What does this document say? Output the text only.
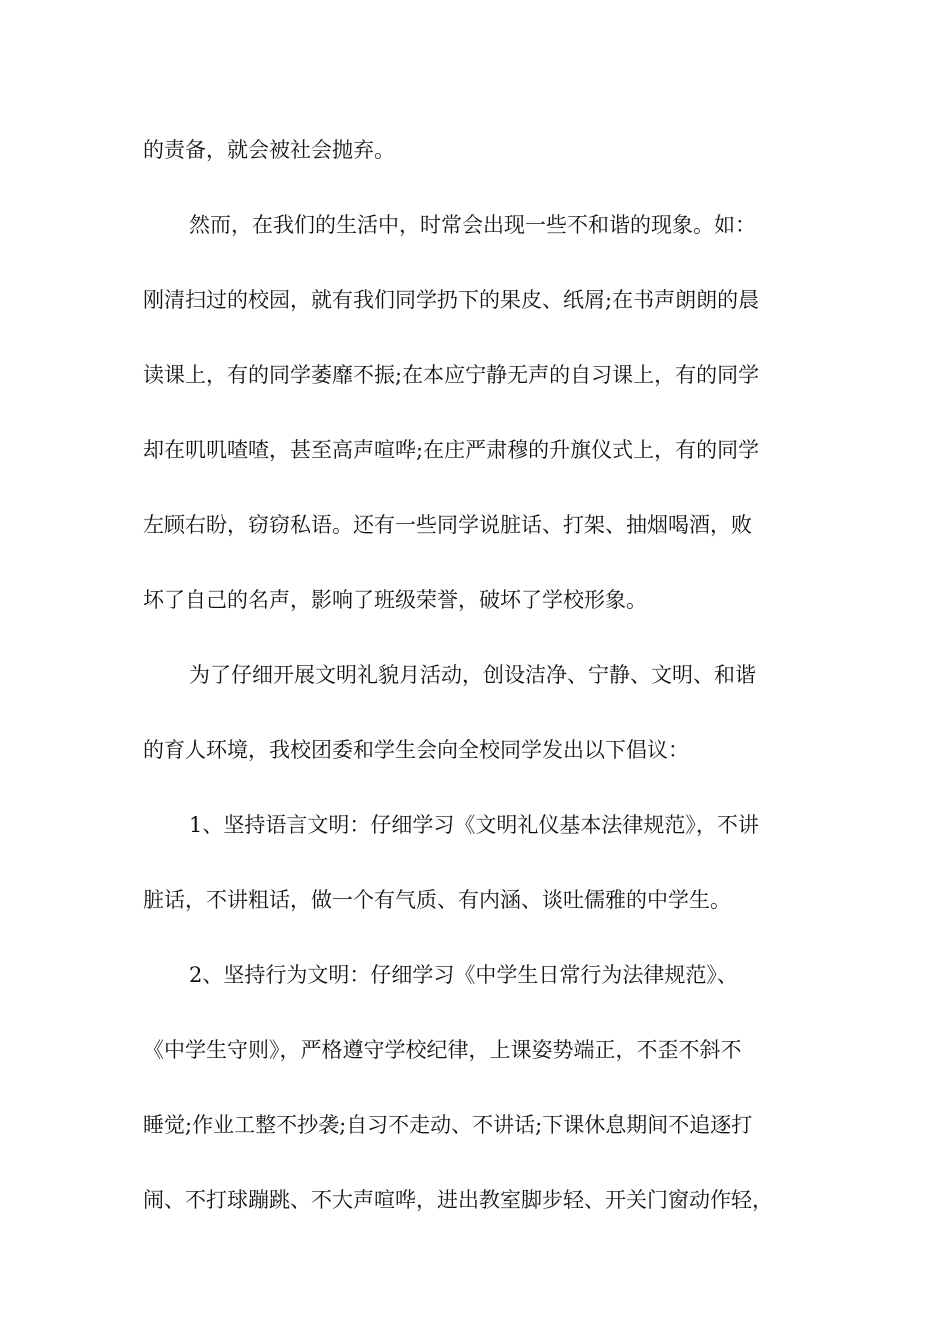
的责备，就会被社会抛弃。
然而，在我们的生活中，时常会出现一些不和谐的现象。如：
刚清扫过的校园，就有我们同学扔下的果皮、纸屑;在书声朗朗的晨
读课上，有的同学萎靡不振;在本应宁静无声的自习课上，有的同学
却在叽叽喳喳，甚至高声喧哗;在庄严肃穆的升旗仪式上，有的同学
左顾右盼，窃窃私语。还有一些同学说脏话、打架、抽烟喝酒，败
坏了自己的名声，影响了班级荣誉，破坏了学校形象。
为了仔细开展文明礼貌月活动，创设洁净、宁静、文明、和谐
的育人环境，我校团委和学生会向全校同学发出以下倡议：
1、坚持语言文明：仔细学习《文明礼仪基本法律规范》，不讲
脏话，不讲粗话，做一个有气质、有内涵、谈吐儒雅的中学生。
2、坚持行为文明：仔细学习《中学生日常行为法律规范》、
《中学生守则》，严格遵守学校纪律，上课姿势端正，不歪不斜不
睡觉;作业工整不抄袭;自习不走动、不讲话;下课休息期间不追逐打
闹、不打球蹦跳、不大声喧哗，进出教室脚步轻、开关门窗动作轻，
